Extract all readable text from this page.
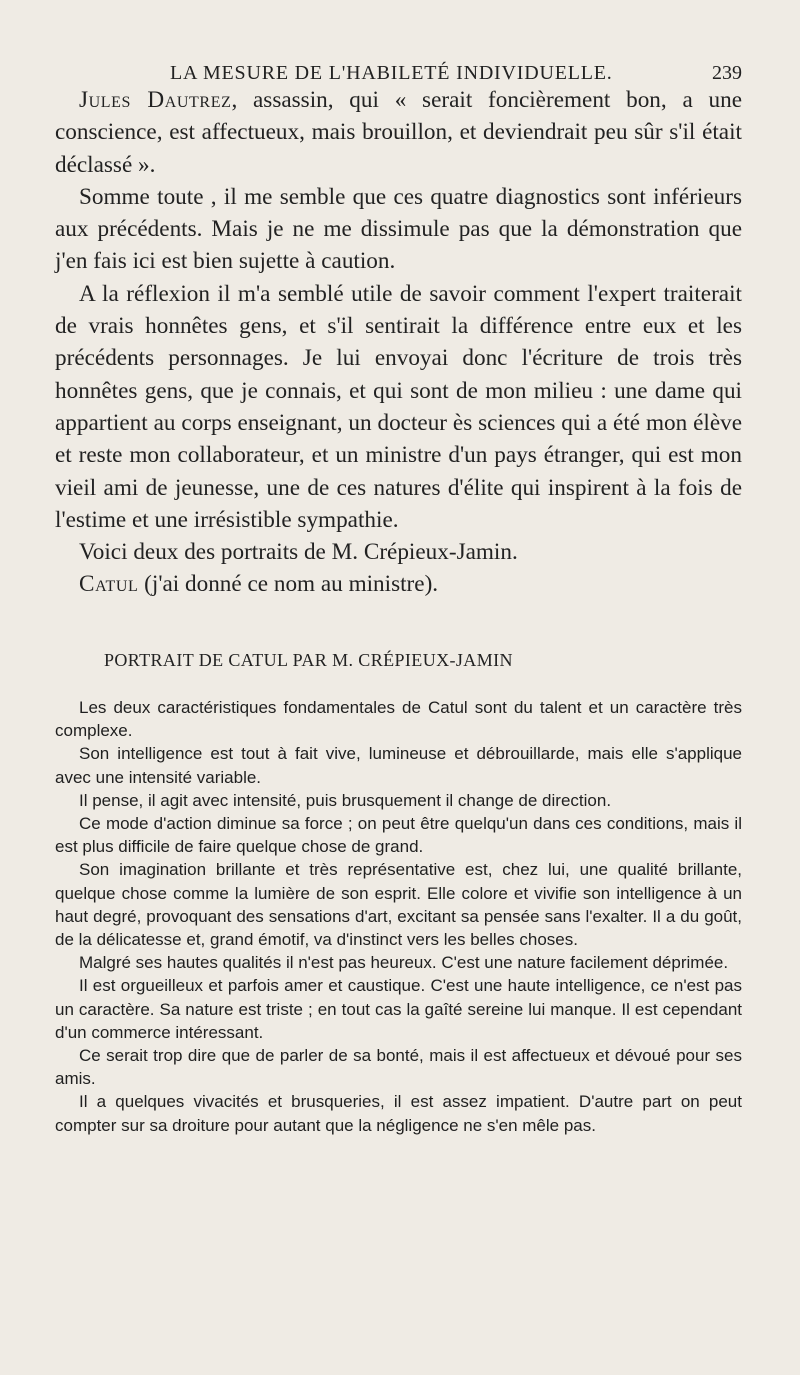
LA MESURE DE L'HABILETÉ INDIVIDUELLE.	239

Jules Dautrez, assassin, qui « serait foncièrement bon, a une conscience, est affectueux, mais brouillon, et deviendrait peu sûr s'il était déclassé ».

Somme toute , il me semble que ces quatre diagnostics sont inférieurs aux précédents. Mais je ne me dissimule pas que la démonstration que j'en fais ici est bien sujette à caution.

A la réflexion il m'a semblé utile de savoir comment l'expert traiterait de vrais honnêtes gens, et s'il sentirait la différence entre eux et les précédents personnages. Je lui envoyai donc l'écriture de trois très honnêtes gens, que je connais, et qui sont de mon milieu : une dame qui appartient au corps enseignant, un docteur ès sciences qui a été mon élève et reste mon collaborateur, et un ministre d'un pays étranger, qui est mon vieil ami de jeunesse, une de ces natures d'élite qui inspirent à la fois de l'estime et une irrésistible sympathie.

Voici deux des portraits de M. Crépieux-Jamin.

Catul (j'ai donné ce nom au ministre).

PORTRAIT DE CATUL PAR M. CRÉPIEUX-JAMIN

Les deux caractéristiques fondamentales de Catul sont du talent et un caractère très complexe.

Son intelligence est tout à fait vive, lumineuse et débrouillarde, mais elle s'applique avec une intensité variable.

Il pense, il agit avec intensité, puis brusquement il change de direction.

Ce mode d'action diminue sa force ; on peut être quelqu'un dans ces conditions, mais il est plus difficile de faire quelque chose de grand.

Son imagination brillante et très représentative est, chez lui, une qualité brillante, quelque chose comme la lumière de son esprit. Elle colore et vivifie son intelligence à un haut degré, provoquant des sensations d'art, excitant sa pensée sans l'exalter. Il a du goût, de la délicatesse et, grand émotif, va d'instinct vers les belles choses.

Malgré ses hautes qualités il n'est pas heureux. C'est une nature facilement déprimée.

Il est orgueilleux et parfois amer et caustique. C'est une haute intelligence, ce n'est pas un caractère. Sa nature est triste ; en tout cas la gaîté sereine lui manque. Il est cependant d'un commerce intéressant.

Ce serait trop dire que de parler de sa bonté, mais il est affectueux et dévoué pour ses amis.

Il a quelques vivacités et brusqueries, il est assez impatient. D'autre part on peut compter sur sa droiture pour autant que la négligence ne s'en mêle pas.
